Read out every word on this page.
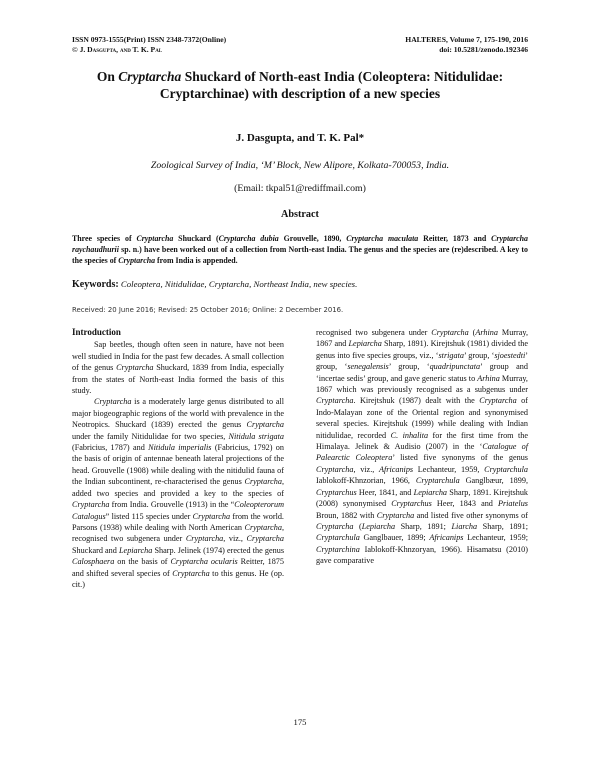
ISSN 0973-1555(Print) ISSN 2348-7372(Online)
© J. Dasgupta, and T. K. Pal
HALTERES, Volume 7, 175-190, 2016
doi: 10.5281/zenodo.192346
On Cryptarcha Shuckard of North-east India (Coleoptera: Nitidulidae: Cryptarchinae) with description of a new species
J. Dasgupta, and T. K. Pal*
Zoological Survey of India, ‘M’ Block, New Alipore, Kolkata-700053, India.
(Email: tkpal51@rediffmail.com)
Abstract
Three species of Cryptarcha Shuckard (Cryptarcha dubia Grouvelle, 1890, Cryptarcha maculata Reitter, 1873 and Cryptarcha raychaudhurii sp. n.) have been worked out of a collection from North-east India. The genus and the species are (re)described. A key to the species of Cryptarcha from India is appended.
Keywords: Coleoptera, Nitidulidae, Cryptarcha, Northeast India, new species.
Received: 20 June 2016; Revised: 25 October 2016; Online: 2 December 2016.

Introduction

Sap beetles, though often seen in nature, have not been well studied in India for the past few decades. A small collection of the genus Cryptarcha Shuckard, 1839 from India, especially from the states of North-east India formed the basis of this study.

Cryptarcha is a moderately large genus distributed to all major biogeographic regions of the world with prevalence in the Neotropics. Shuckard (1839) erected the genus Cryptarcha under the family Nitidulidae for two species, Nitidula strigata (Fabricius, 1787) and Nitidula imperialis (Fabricius, 1792) on the basis of origin of antennae beneath lateral projections of the head. Grouvelle (1908) while dealing with the nitidulid fauna of the Indian subcontinent, re-characterised the genus Cryptarcha, added two species and provided a key to the species of Cryptarcha from India. Grouvelle (1913) in the “Coleopterorum Catalogus” listed 115 species under Cryptarcha from the world. Parsons (1938) while dealing with North American Cryptarcha, recognised two subgenera under Cryptarcha, viz., Cryptarcha Shuckard and Lepiarcha Sharp. Jelinek (1974) erected the genus Calosphaera on the basis of Cryptarcha ocularis Reitter, 1875 and shifted several species of Cryptarcha to this genus. He (op. cit.)

recognised two subgenera under Cryptarcha (Arhina Murray, 1867 and Lepiarcha Sharp, 1891). Kirejtshuk (1981) divided the genus into five species groups, viz., ‘strigata’ group, ‘sjoestedti’ group, ‘senegalensis’ group, ‘quadripunctata’ group and ‘incertae sedis’ group, and gave generic status to Arhina Murray, 1867 which was previously recognised as a subgenus under Cryptarcha. Kirejtshuk (1987) dealt with the Cryptarcha of Indo-Malayan zone of the Oriental region and synonymised several species. Kirejtshuk (1999) while dealing with Indian nitidulidae, recorded C. inhalita for the first time from the Himalaya. Jelinek & Audisio (2007) in the ‘Catalogue of Palearctic Coleoptera’ listed five synonyms of the genus Cryptarcha, viz., Africanips Lechanteur, 1959, Cryptarchula Iablokoff-Khnzorian, 1966, Cryptarchula Ganglbæur, 1899, Cryptarchus Heer, 1841, and Lepiarcha Sharp, 1891. Kirejtshuk (2008) synonymised Cryptarchus Heer, 1843 and Priatelus Broun, 1882 with Cryptarcha and listed five other synonyms of Cryptarcha (Lepiarcha Sharp, 1891; Liarcha Sharp, 1891; Cryptarchula Ganglbauer, 1899; Africanips Lechanteur, 1959; Cryptarchina Iablokoff-Khnzoryan, 1966). Hisamatsu (2010) gave comparative

175
